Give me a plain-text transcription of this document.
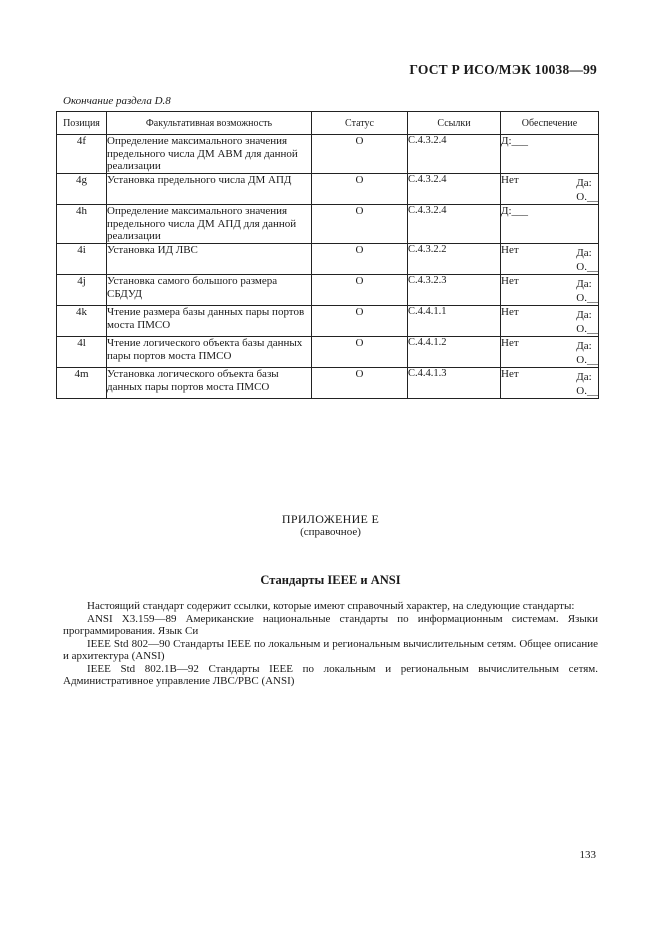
ГОСТ Р ИСО/МЭК 10038—99
Окончание раздела D.8
Позиция	Факультативная возможность	Статус	Ссылки	Обеспечение
4f	Определение максимального значения предельного числа ДМ АВМ для данной реализации	O	С.4.3.2.4	Д:___

4g	Установка предельного числа ДМ АПД	O	С.4.3.2.4	Нет Да:
О.__

4h	Определение максимального значения предельного числа ДМ АПД для данной реализации	O	С.4.3.2.4	Д:___

4i	Установка ИД ЛВС	O	С.4.3.2.2	Нет Да:
О.__

4j	Установка самого большого размера СБДУД	O	С.4.3.2.3	Нет Да:
О.__

4k	Чтение размера базы данных пары портов моста ПМСО	O	С.4.4.1.1	Нет Да:
О.__

4l	Чтение логического объекта базы данных пары портов моста ПМСО	O	С.4.4.1.2	Нет Да:
О.__

4m	Установка логического объекта базы данных пары портов моста ПМСО	O	С.4.4.1.3	Нет Да:
О.__
ПРИЛОЖЕНИЕ Е
(справочное)
Стандарты IEEE и ANSI

Настоящий стандарт содержит ссылки, которые имеют справочный характер, на следующие стандарты:

ANSI X3.159—89 Американские национальные стандарты по информационным системам. Языки программирования. Язык Си

IEEE Std 802—90 Стандарты IEEE по локальным и региональным вычислительным сетям. Общее описание и архитектура (ANSI)

IEEE Std 802.1B—92 Стандарты IEEE по локальным и региональным вычислительным сетям. Административное управление ЛВС/РВС (ANSI)

133
